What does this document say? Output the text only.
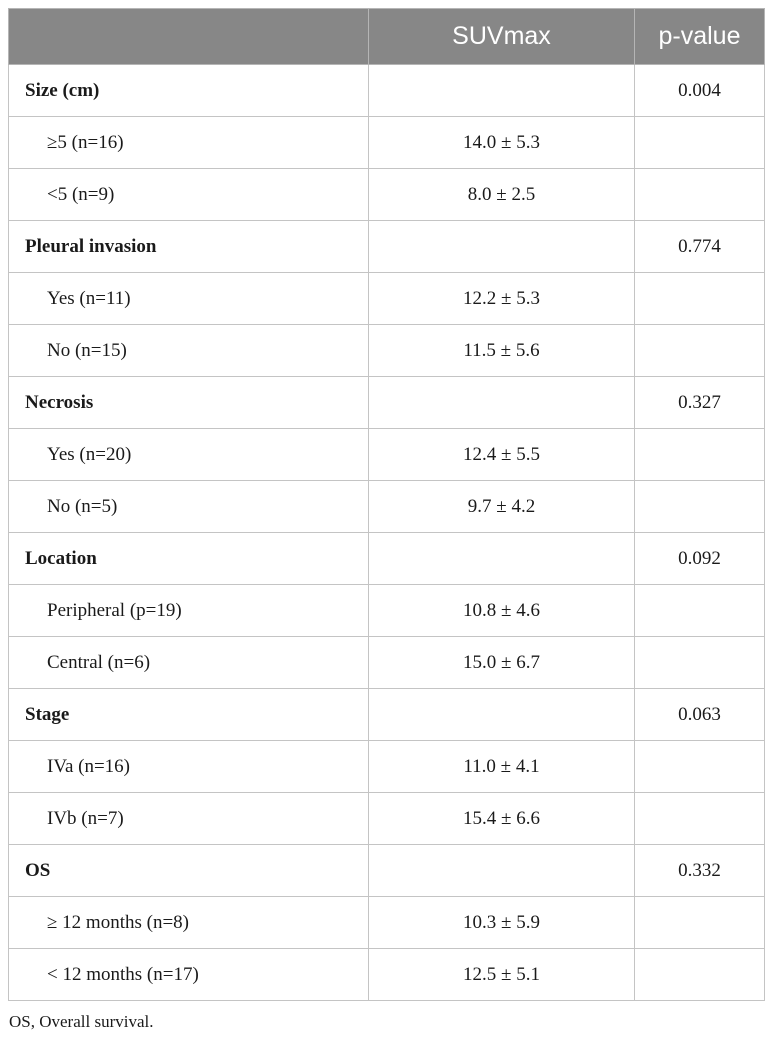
	SUVmax	p-value
Size (cm)		0.004
≥5 (n=16)	14.0 ± 5.3	
<5 (n=9)	8.0 ± 2.5	
Pleural invasion		0.774
Yes (n=11)	12.2 ± 5.3	
No (n=15)	11.5 ± 5.6	
Necrosis		0.327
Yes (n=20)	12.4 ± 5.5	
No (n=5)	9.7 ± 4.2	
Location		0.092
Peripheral (p=19)	10.8 ± 4.6	
Central (n=6)	15.0 ± 6.7	
Stage		0.063
IVa (n=16)	11.0 ± 4.1	
IVb (n=7)	15.4 ± 6.6	
OS		0.332
≥ 12 months (n=8)	10.3 ± 5.9	
< 12 months (n=17)	12.5 ± 5.1	
OS, Overall survival.
